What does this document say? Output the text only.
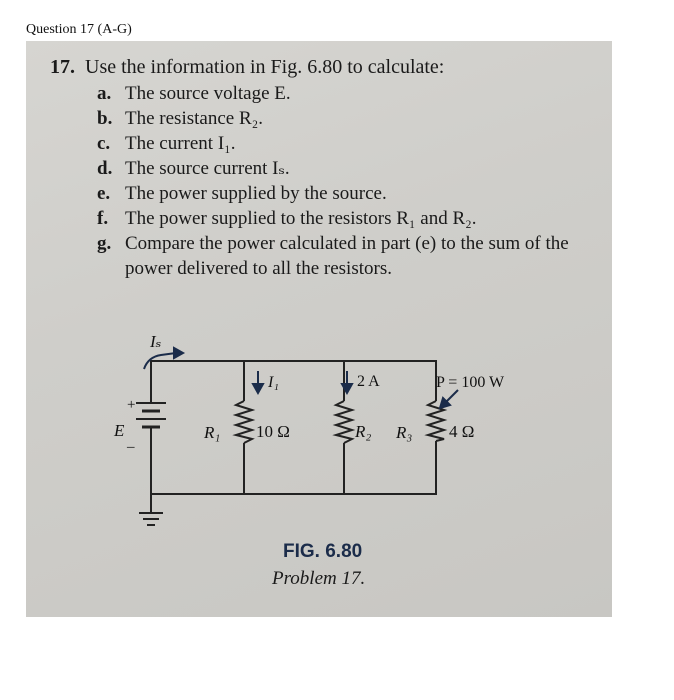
Question 17 (A-G)
17. Use the information in Fig. 6.80 to calculate:
a. The source voltage E.
b. The resistance R₂.
c. The current I₁.
d. The source current Iₛ.
e. The power supplied by the source.
f. The power supplied to the resistors R₁ and R₂.
g. Compare the power calculated in part (e) to the sum of the power delivered to all the resistors.
Iₛ
+
E
–
I₁
R₁ 10 Ω
2 A
R₂ R₃ 4 Ω
P = 100 W
FIG. 6.80
Problem 17.
